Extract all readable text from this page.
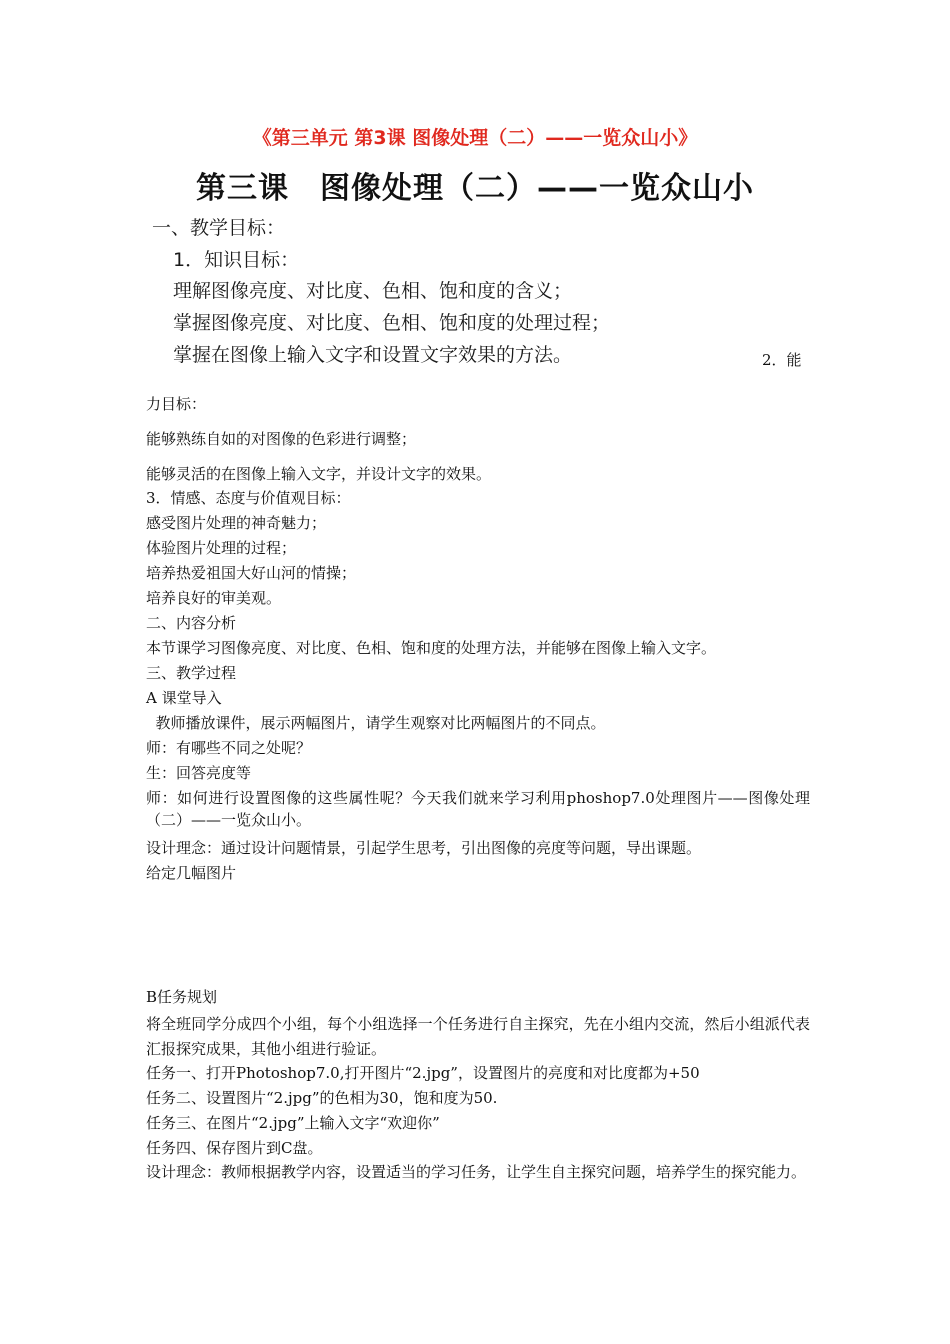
《第三单元 第3课 图像处理（二）——一览众山小》
第三课　图像处理（二）——一览众山小
一、教学目标：
1．知识目标：
理解图像亮度、对比度、色相、饱和度的含义；
掌握图像亮度、对比度、色相、饱和度的处理过程；
掌握在图像上输入文字和设置文字效果的方法。	2．能
力目标：
能够熟练自如的对图像的色彩进行调整；
能够灵活的在图像上输入文字，并设计文字的效果。
3．情感、态度与价值观目标：
感受图片处理的神奇魅力；
体验图片处理的过程；
培养热爱祖国大好山河的情操；
培养良好的审美观。
二、内容分析
本节课学习图像亮度、对比度、色相、饱和度的处理方法，并能够在图像上输入文字。
三、教学过程
A 课堂导入
教师播放课件，展示两幅图片，请学生观察对比两幅图片的不同点。
师：有哪些不同之处呢？
生：回答亮度等
师：如何进行设置图像的这些属性呢？今天我们就来学习利用phoshop7.0处理图片——图像处理（二）——一览众山小。
设计理念：通过设计问题情景，引起学生思考，引出图像的亮度等问题，导出课题。
给定几幅图片
B任务规划
将全班同学分成四个小组，每个小组选择一个任务进行自主探究，先在小组内交流，然后小组派代表汇报探究成果，其他小组进行验证。
任务一、打开Photoshop7.0,打开图片“2.jpg”，设置图片的亮度和对比度都为+50
任务二、设置图片“2.jpg”的色相为30，饱和度为50.
任务三、在图片“2.jpg”上输入文字“欢迎你”
任务四、保存图片到C盘。
设计理念：教师根据教学内容，设置适当的学习任务，让学生自主探究问题，培养学生的探究能力。
